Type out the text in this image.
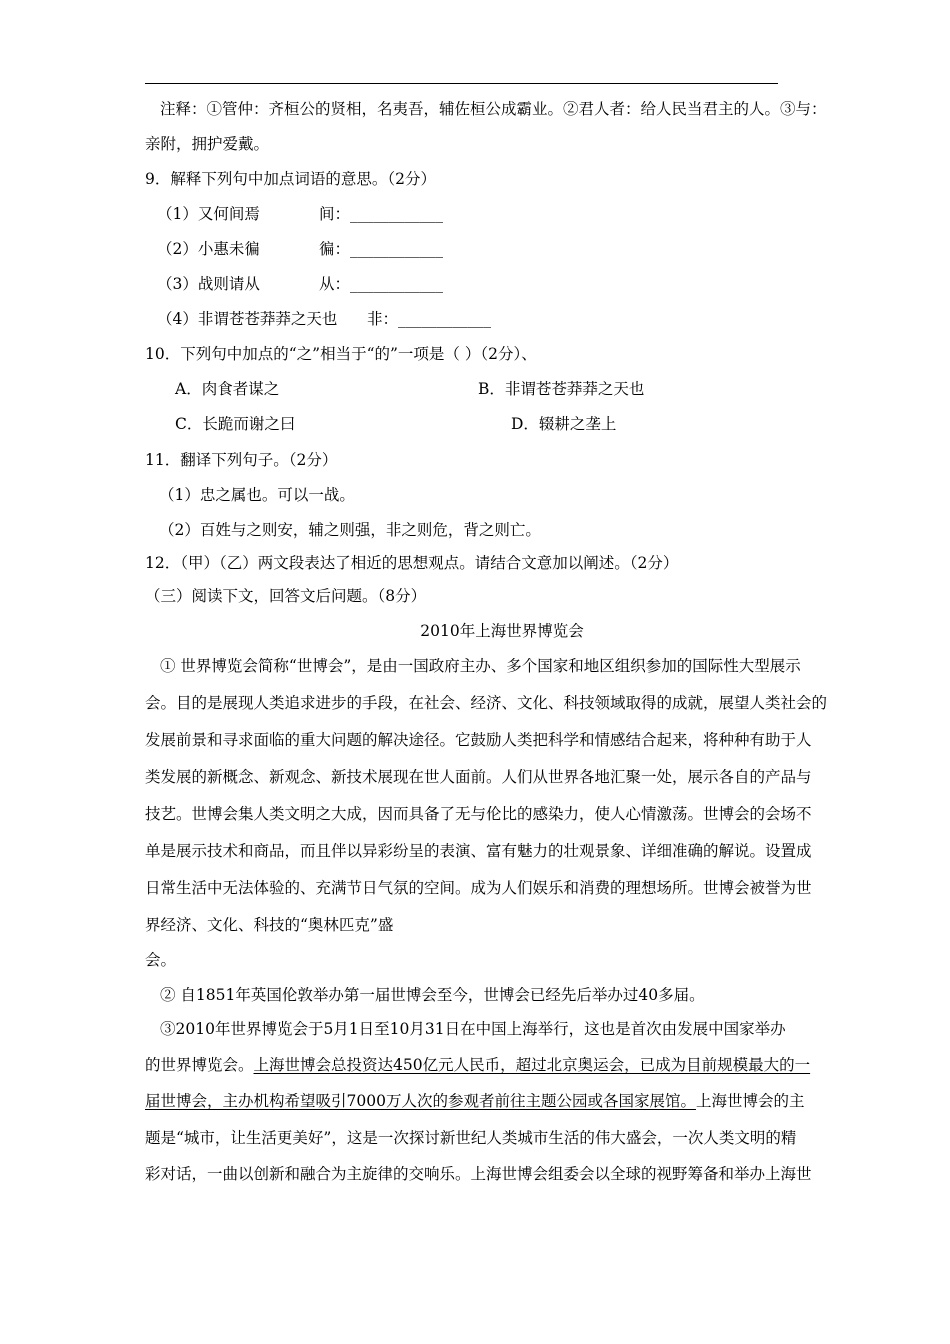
注释：①管仲：齐桓公的贤相，名夷吾，辅佐桓公成霸业。②君人者：给人民当君主的人。③与：
亲附，拥护爱戴。
9．解释下列句中加点词语的意思。（2分）
（1）又何间焉	间：____________
（2）小惠未徧	徧：____________
（3）战则请从	从：____________
（4）非谓苍苍莽莽之天也 非：____________
10．下列句中加点的“之”相当于“的”一项是（ ）（2分）、
A．肉食者谋之	B．非谓苍苍莽莽之天也
C．长跪而谢之曰	D．辍耕之垄上
11．翻译下列句子。（2分）
（1）忠之属也。可以一战。
（2）百姓与之则安，辅之则强，非之则危，背之则亡。
12．（甲）（乙）两文段表达了相近的思想观点。请结合文意加以阐述。（2分）
（三）阅读下文，回答文后问题。（8分）
2010年上海世界博览会
① 世界博览会简称“世博会”，是由一国政府主办、多个国家和地区组织参加的国际性大型展示
会。目的是展现人类追求进步的手段，在社会、经济、文化、科技领域取得的成就，展望人类社会的
发展前景和寻求面临的重大问题的解决途径。它鼓励人类把科学和情感结合起来，将种种有助于人
类发展的新概念、新观念、新技术展现在世人面前。人们从世界各地汇聚一处，展示各自的产品与
技艺。世博会集人类文明之大成，因而具备了无与伦比的感染力，使人心情激荡。世博会的会场不
单是展示技术和商品，而且伴以异彩纷呈的表演、富有魅力的壮观景象、详细准确的解说。设置成
日常生活中无法体验的、充满节日气氛的空间。成为人们娱乐和消费的理想场所。世博会被誉为世
界经济、文化、科技的“奥林匹克”盛
会。
② 自1851年英国伦敦举办第一届世博会至今，世博会已经先后举办过40多届。
③2010年世界博览会于5月1日至10月31日在中国上海举行，这也是首次由发展中国家举办
的世界博览会。上海世博会总投资达450亿元人民币，超过北京奥运会，已成为目前规模最大的一
届世博会，主办机构希望吸引7000万人次的参观者前往主题公园或各国家展馆。上海世博会的主
题是“城市，让生活更美好”，这是一次探讨新世纪人类城市生活的伟大盛会，一次人类文明的精
彩对话，一曲以创新和融合为主旋律的交响乐。上海世博会组委会以全球的视野筹备和举办上海世
